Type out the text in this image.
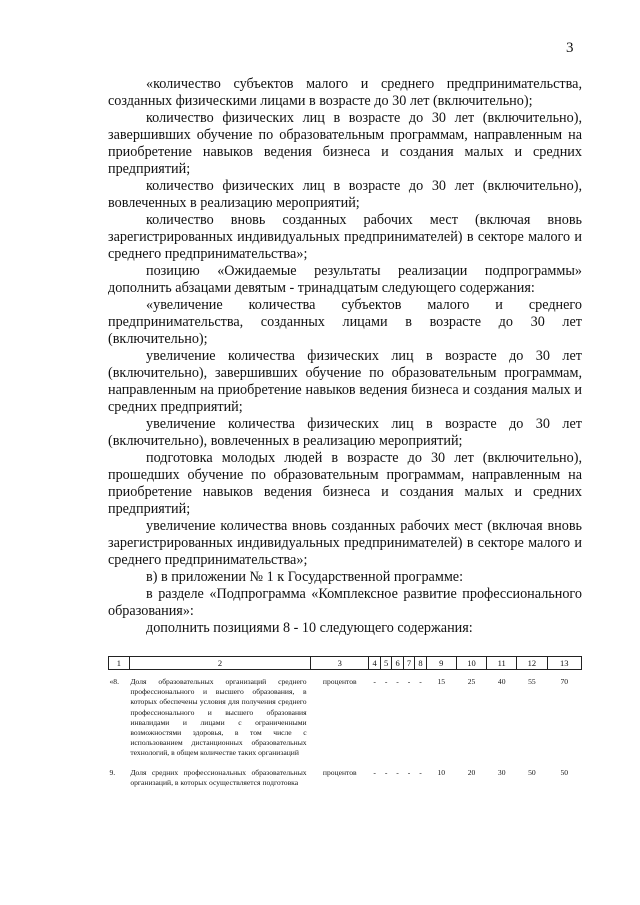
3

«количество субъектов малого и среднего предпринимательства, созданных физическими лицами в возрасте до 30 лет (включительно);

количество физических лиц в возрасте до 30 лет (включительно), завершивших обучение по образовательным программам, направленным на приобретение навыков ведения бизнеса и создания малых и средних предприятий;

количество физических лиц в возрасте до 30 лет (включительно), вовлеченных в реализацию мероприятий;

количество вновь созданных рабочих мест (включая вновь зарегистрированных индивидуальных предпринимателей) в секторе малого и среднего предпринимательства»;

позицию «Ожидаемые результаты реализации подпрограммы» дополнить абзацами девятым - тринадцатым следующего содержания:

«увеличение количества субъектов малого и среднего предпринимательства, созданных лицами в возрасте до 30 лет (включительно);

увеличение количества физических лиц в возрасте до 30 лет (включительно), завершивших обучение по образовательным программам, направленным на приобретение навыков ведения бизнеса и создания малых и средних предприятий;

увеличение количества физических лиц в возрасте до 30 лет (включительно), вовлеченных в реализацию мероприятий;

подготовка молодых людей в возрасте до 30 лет (включительно), прошедших обучение по образовательным программам, направленным на приобретение навыков ведения бизнеса и создания малых и средних предприятий;

увеличение количества вновь созданных рабочих мест (включая вновь зарегистрированных индивидуальных предпринимателей) в секторе малого и среднего предпринимательства»;

в) в приложении № 1 к Государственной программе:

в разделе «Подпрограмма «Комплексное развитие профессионального образования»:

дополнить позициями 8 - 10 следующего содержания:

1	2	3	4	5	6	7	8	9	10	11	12	13
«8.	Доля образовательных организаций среднего профессионального и высшего образования, в которых обеспечены условия для получения среднего профессионального и высшего образования инвалидами и лицами с ограниченными возможностями здоровья, в том числе с использованием дистанционных образовательных технологий, в общем количестве таких организаций	процентов	-	-	-	-	-	15	25	40	55	70
9.	Доля средних профессиональных образовательных организаций, в которых осуществляется подготовка	процентов	-	-	-	-	-	10	20	30	50	50
